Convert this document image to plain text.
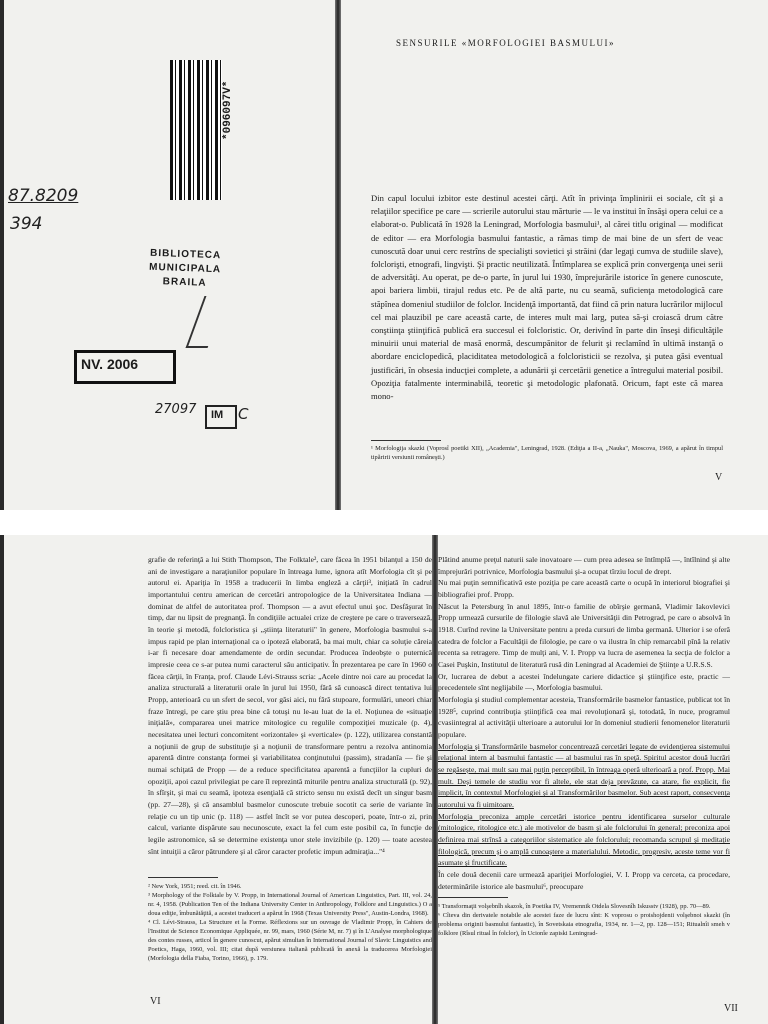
*096097V*
87.8209
394
BIBLIOTECA
MUNICIPALA
BRAILA
NV. 2006
27097 IM C
SENSURILE «MORFOLOGIEI BASMULUI»
Din capul locului izbitor este destinul acestei cărţi. Atît în privinţa împlinirii ei sociale, cît şi a relaţiilor specifice pe care — scrierile autorului stau mărturie — le va institui în însăşi opera celui ce a elaborat-o. Publicată în 1928 la Leningrad, Morfologia basmului¹, al cărei titlu original — modificat de editor — era Morfologia basmului fantastic, a rămas timp de mai bine de un sfert de veac cunoscută doar unui cerc restrîns de specialişti sovietici şi străini (dar legaţi cumva de studiile slave), folclorişti, etnografi, lingvişti. Şi practic neutilizată. Întîmplarea se explică prin convergenţa unei serii de adversităţi. Au operat, pe de-o parte, în jurul lui 1930, împrejurările istorice în genere cunoscute, apoi bariera limbii, tirajul redus etc. Pe de altă parte, nu cu seamă, suficienţa metodologică care stăpînea domeniul studiilor de folclor. Incidenţă importantă, dat fiind că prin natura lucrărilor mijlocul cel mai plauzibil pe care această carte, de interes mult mai larg, putea să-şi croiască drum către conştiinţa ştiinţifică publică era succesul ei folcloristic. Or, derivînd în parte din înseşi dificultăţile minuirii unui material de masă enormă, descumpănitor de felurit şi reclamînd în ultimă instanţă o abordare enciclopedică, placiditatea metodologică a folcloristicii se rezolva, şi putea găsi eventual justificări, în obsesia inducţiei complete, a adunării şi cercetării genetice a întregului material posibil. Opoziţia fatalmente interminabilă, teoretic şi metodologic plafonată. Oricum, fapt este că marea mono-
¹ Morfologija skazki (Voprosî poetiki XII), „Academia", Leningrad, 1928. (Ediţia a II-a, „Nauka", Moscova, 1969, a apărut în timpul tipăririi versiunii româneşti.)
V
grafie de referinţă a lui Stith Thompson, The Folktale², care făcea în 1951 bilanţul a 150 de ani de investigare a naraţiunilor populare în întreaga lume, ignora atît Morfologia cît şi pe autorul ei. Apariţia în 1958 a traducerii în limba engleză a cărţii³, iniţiată în cadrul importantului centru american de cercetări antropologice de la Universitatea Indiana — dominat de altfel de autoritatea prof. Thompson — a avut efectul unui şoc. Desfăşurat în timp, dar nu lipsit de pregnanţă. În condiţiile actualei crize de creştere pe care o traversează, în teorie şi metodă, folcloristica şi „ştiinţa literaturii" în genere, Morfologia basmului s-a impus rapid pe plan internaţional ca o ipoteză elaborată, ba mai mult, chiar ca soluţie căreia i-ar fi necesare doar amendamente de ordin secundar. Producea îndeobşte o puternică impresie ceea ce s-ar putea numi caracterul său anticipativ. În prezentarea pe care în 1960 o făcea cărţii, în Franţa, prof. Claude Lévi-Strauss scria: „Acele dintre noi care au procedat la analiza structurală a literaturii orale în jurul lui 1950, fără să cunoască direct tentativa lui Propp, anterioară cu un sfert de secol, vor găsi aici, nu fără stupoare, formulări, uneori chiar fraze întregi, pe care ştiu prea bine că totuşi nu le-au luat de la el. Noţiunea de «situaţie iniţială», compararea unei matrice mitologice cu regulile compoziţiei muzicale (p. 4), necesitatea unei lecturi concomitent «orizontale» şi «verticale» (p. 122), utilizarea constantă a noţiunii de grup de substituţie şi a noţiunii de transformare pentru a rezolva antinomia aparentă dintre constanţa formei şi variabilitatea conţinutului (passim), stradanîa — fie şi numai schiţată de Propp — de a reduce specificitatea aparentă a funcţiilor la cupluri de opoziţii, apoi cazul privilegiat pe care îl reprezintă miturile pentru analiza structurală (p. 92), în sfîrşit, şi mai cu seamă, ipoteza esenţială că stricto sensu nu există decît un singur basm (pp. 27—28), şi că ansamblul basmelor cunoscute trebuie socotit ca serie de variante în relaţie cu un tip unic (p. 118) — astfel încît se vor putea descoperi, poate, într-o zi, prin calcul, variante dispărute sau necunoscute, exact la fel cum este posibil ca, în funcţie de legile astronomice, să se determine existenţa unor stele invizibile (p. 120) — toate acestea sînt intuiţii a căror pătrundere şi al căror caracter profetic impun admiraţia..."⁴
² New York, 1951; reed. cit. în 1946.
³ Morphology of the Folktale by V. Propp, in International Journal of American Linguistics, Part. III, vol. 24, nr. 4, 1958. (Publication Ten of the Indiana University Center in Anthropology, Folklore and Linguistics.) O a doua ediţie, îmbunătăţită, a acestei traduceri a apărut în 1968 (Texas University Press", Austin-Londra, 1968).
⁴ Cl. Lévi-Strauss, La Structure et la Forme. Réflexions sur un ouvrage de Vladimir Propp, în Cahiers de l'Institut de Science Economique Appliquée, nr. 99, mars, 1960 (Série M, nr. 7) şi în L'Analyse morphologique des contes russes, articol în genere cunoscut, apărut simultan în International Journal of Slavic Linguistics and Poetics, Haga, 1960, vol. III; citat după versiunea italiană publicată în anexă la traducerea Morfologiei (Morfologia della Fiaba, Torino, 1966), p. 179.
VI
Plătind anume preţul naturii sale inovatoare — cum prea adesea se întîmplă —, întîlnind şi alte împrejurări potrivnice, Morfologia basmului şi-a ocupat tîrziu locul de drept.
Nu mai puţin semnificativă este poziţia pe care această carte o ocupă în interiorul biografiei şi bibliografiei prof. Propp.
Născut la Petersburg în anul 1895, într-o familie de obîrşie germană, Vladimir Iakovlevici Propp urmează cursurile de filologie slavă ale Universităţii din Petrograd, pe care o absolvă în 1918. Curînd revine la Universitate pentru a preda cursuri de limba germană. Ulterior i se oferă catedra de folclor a Facultăţii de filologie, pe care o va ilustra în chip remarcabil pînă la relativ recenta sa retragere. Timp de mulţi ani, V. I. Propp va lucra de asemenea la secţia de folclor a Casei Puşkin, Institutul de literatură rusă din Leningrad al Academiei de Ştiinţe a U.R.S.S.
Or, lucrarea de debut a acestei îndelungate cariere didactice şi ştiinţifice este, practic — precedentele sînt neglijabile —, Morfologia basmului.
Morfologia şi studiul complementar acesteia, Transformările basmelor fantastice, publicat tot în 1928⁵, cuprind contribuţia ştiinţifică cea mai revoluţionară şi, totodată, în nuce, programul cvasiintegral al activităţii ulterioare a autorului lor în domeniul studierii fenomenelor literaturii populare.
Morfologia şi Transformările basmelor concentrează cercetări legate de evidenţierea sistemului relaţional intern al basmului fantastic — al basmului ras în speţă. Spiritul acestor două lucrări se regăseşte, mai mult sau mai puţin perceptibil, în întreaga operă ulterioară a prof. Propp. Mai mult. Deşi temele de studiu vor fi altele, ele stat deja prevăzute, ca atare, fie explicit, fie implicit, în contextul Morfologiei şi al Transformărilor basmelor. Sub acest raport, consecvenţa autorului va fi uimitoare.
Morfologia preconiza ample cercetări istorice pentru identificarea surselor culturale (mitologice, ritologice etc.) ale motivelor de basm şi ale folclorului în general; preconiza apoi definirea mai strînsă a categoriilor sistematice ale folclorului; recomanda scrupul şi meditaţie filologică, precum şi o amplă cunoaştere a materialului. Metodic, progresiv, aceste teme vor fi asumate şi fructificate.
În cele două decenii care urmează apariţiei Morfologiei, V. I. Propp va cerceta, ca procedare, determinările istorice ale basmului⁶, preocupare
⁵ Transformaţii volşebnîh skazok, în Poetika IV, Vremennik Otdela Slovesnîh Iskusstv (1928), pp. 70—89.
⁶ Cîteva din derivatele notabile ale acestei faze de lucru sînt: K voprosu o proishojdenii volşebnoi skazki (în problema originii basmului fantastic), în Sovetskaia etnografia, 1934, nr. 1—2, pp. 128—151; Ritualnîi smeh v folklore (Rîsul ritual în folclor), în Ucionîe zapiski Leningrad-
VII
